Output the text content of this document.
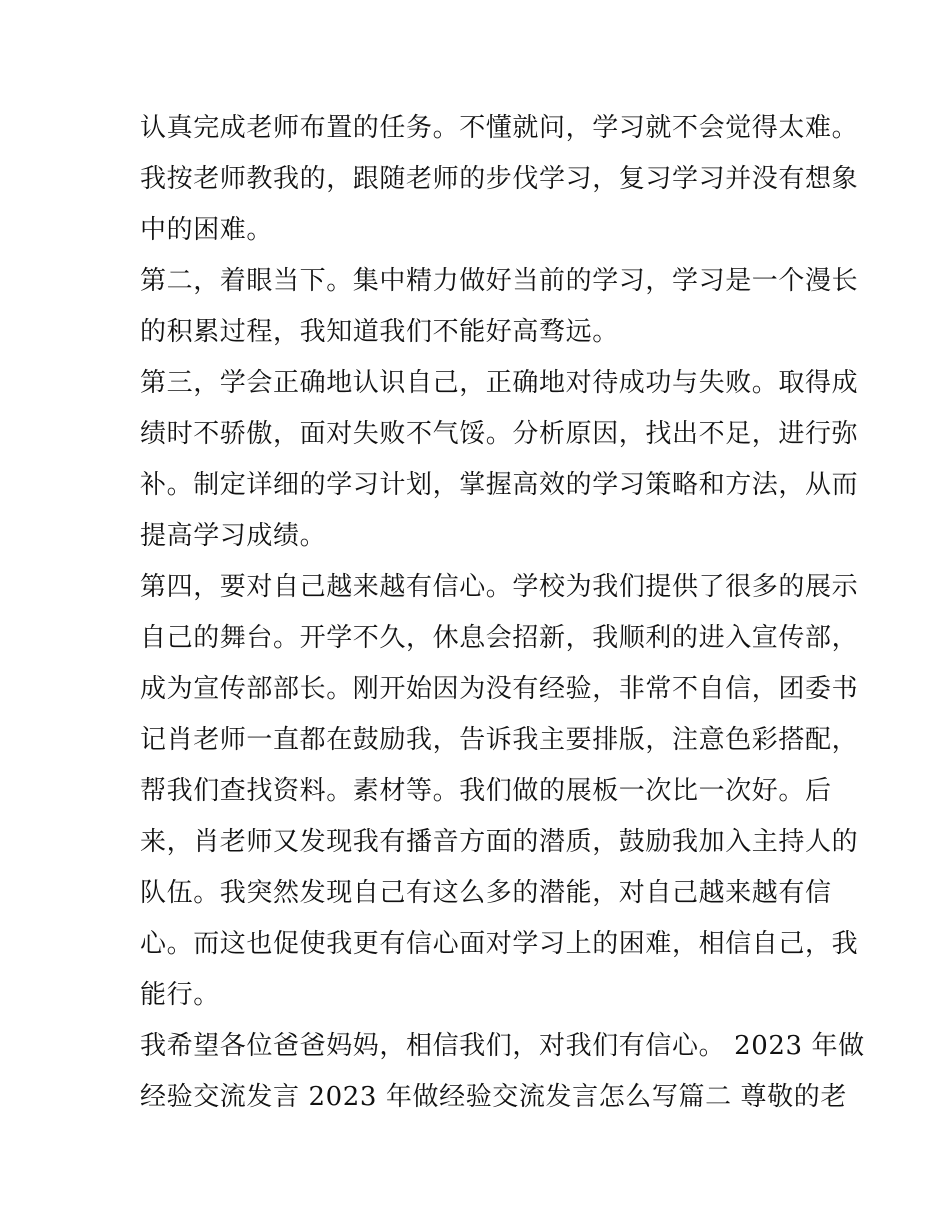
认真完成老师布置的任务。不懂就问，学习就不会觉得太难。
我按老师教我的，跟随老师的步伐学习，复习学习并没有想象
中的困难。
第二，着眼当下。集中精力做好当前的学习，学习是一个漫长
的积累过程，我知道我们不能好高骛远。
第三，学会正确地认识自己，正确地对待成功与失败。取得成
绩时不骄傲，面对失败不气馁。分析原因，找出不足，进行弥
补。制定详细的学习计划，掌握高效的学习策略和方法，从而
提高学习成绩。
第四，要对自己越来越有信心。学校为我们提供了很多的展示
自己的舞台。开学不久，休息会招新，我顺利的进入宣传部，
成为宣传部部长。刚开始因为没有经验，非常不自信，团委书
记肖老师一直都在鼓励我，告诉我主要排版，注意色彩搭配，
帮我们查找资料。素材等。我们做的展板一次比一次好。后
来，肖老师又发现我有播音方面的潜质，鼓励我加入主持人的
队伍。我突然发现自己有这么多的潜能，对自己越来越有信
心。而这也促使我更有信心面对学习上的困难，相信自己，我
能行。
我希望各位爸爸妈妈，相信我们，对我们有信心。 2023 年做
经验交流发言 2023 年做经验交流发言怎么写篇二 尊敬的老
